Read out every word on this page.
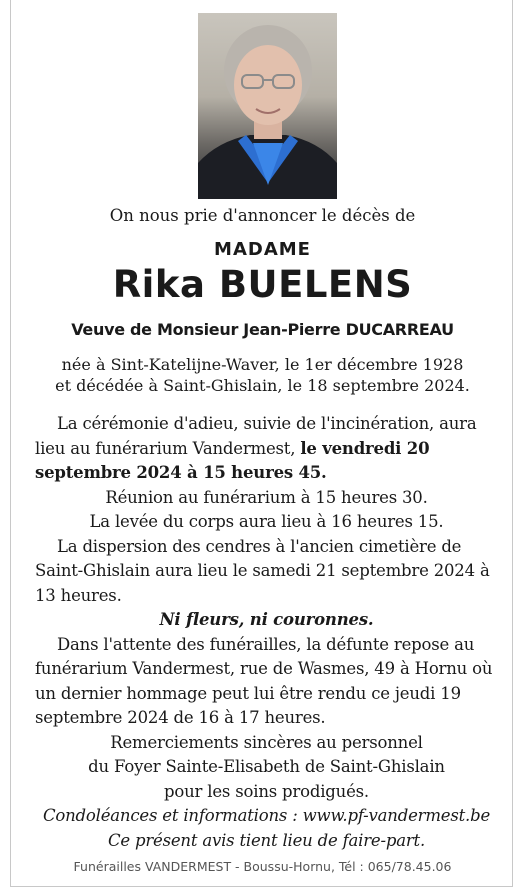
On nous prie d'annoncer le décès de
MADAME
Rika BUELENS
Veuve de Monsieur Jean-Pierre DUCARREAU
née à Sint-Katelijne-Waver, le 1er décembre 1928
et décédée à Saint-Ghislain, le 18 septembre 2024.

La cérémonie d'adieu, suivie de l'incinération, aura lieu au funérarium Vandermest, le vendredi 20 septembre 2024 à 15 heures 45.

Réunion au funérarium à 15 heures 30.

La levée du corps aura lieu à 16 heures 15.

La dispersion des cendres à l'ancien cimetière de Saint-Ghislain aura lieu le samedi 21 septembre 2024 à 13 heures.

Ni fleurs, ni couronnes.

Dans l'attente des funérailles, la défunte repose au funérarium Vandermest, rue de Wasmes, 49 à Hornu où un dernier hommage peut lui être rendu ce jeudi 19 septembre 2024 de 16 à 17 heures.

Remerciements sincères au personnel

du Foyer Sainte-Elisabeth de Saint-Ghislain

pour les soins prodigués.

Condoléances et informations : www.pf-vandermest.be

Ce présent avis tient lieu de faire-part.

Funérailles VANDERMEST - Boussu-Hornu, Tél : 065/78.45.06
